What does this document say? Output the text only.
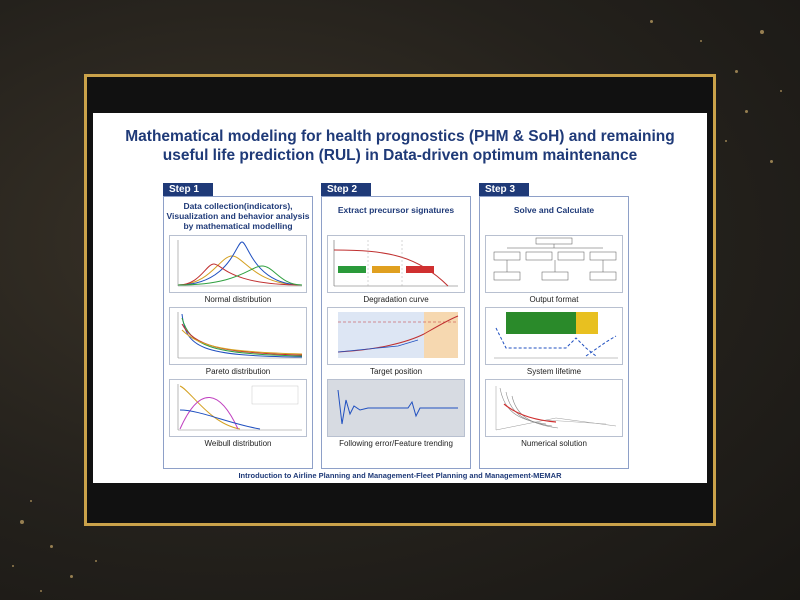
Mathematical modeling for health prognostics (PHM & SoH) and remaining
useful life prediction (RUL) in Data-driven optimum maintenance
Step 1
Data collection(indicators),
Visualization and behavior analysis
by mathematical modelling
Normal distribution
Pareto distribution
Weibull distribution
Step 2
Extract precursor signatures
Degradation curve
Target position
Following error/Feature trending
Step 3
Solve and Calculate
Output format
System lifetime
Numerical solution
Introduction to Airline Planning and Management-Fleet Planning and Management-MEMAR
